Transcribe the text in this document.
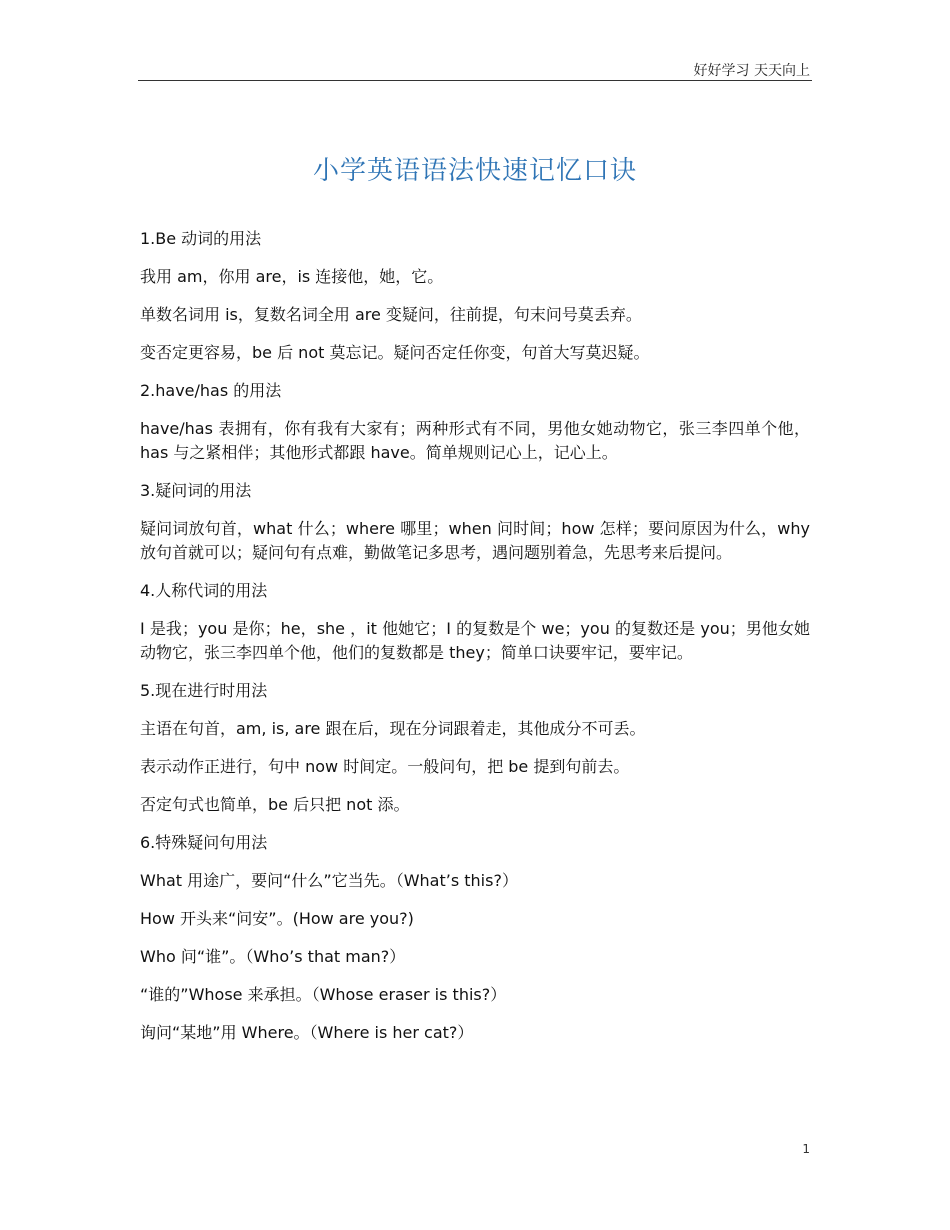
好好学习 天天向上
小学英语语法快速记忆口诀

1.Be 动词的用法

我用 am，你用 are，is 连接他，她，它。

单数名词用 is，复数名词全用 are 变疑问，往前提，句末问号莫丢弃。

变否定更容易，be 后 not 莫忘记。疑问否定任你变，句首大写莫迟疑。

2.have/has 的用法

have/has 表拥有，你有我有大家有；两种形式有不同，男他女她动物它，张三李四单个他，has 与之紧相伴；其他形式都跟 have。简单规则记心上，记心上。

3.疑问词的用法

疑问词放句首，what 什么；where 哪里；when 问时间；how 怎样；要问原因为什么，why 放句首就可以；疑问句有点难，勤做笔记多思考，遇问题别着急，先思考来后提问。

4.人称代词的用法

I 是我；you 是你；he，she ，it 他她它；I 的复数是个 we；you 的复数还是 you；男他女她动物它，张三李四单个他，他们的复数都是 they；简单口诀要牢记，要牢记。

5.现在进行时用法

主语在句首，am, is, are 跟在后，现在分词跟着走，其他成分不可丢。

表示动作正进行，句中 now 时间定。一般问句，把 be 提到句前去。

否定句式也简单，be 后只把 not 添。

6.特殊疑问句用法

What 用途广，要问“什么”它当先。（What’s this?）

How 开头来“问安”。(How are you?)

Who 问“谁”。（Who’s that man?）

“谁的”Whose 来承担。（Whose eraser is this?）

询问“某地”用 Where。（Where is her cat?）

1
